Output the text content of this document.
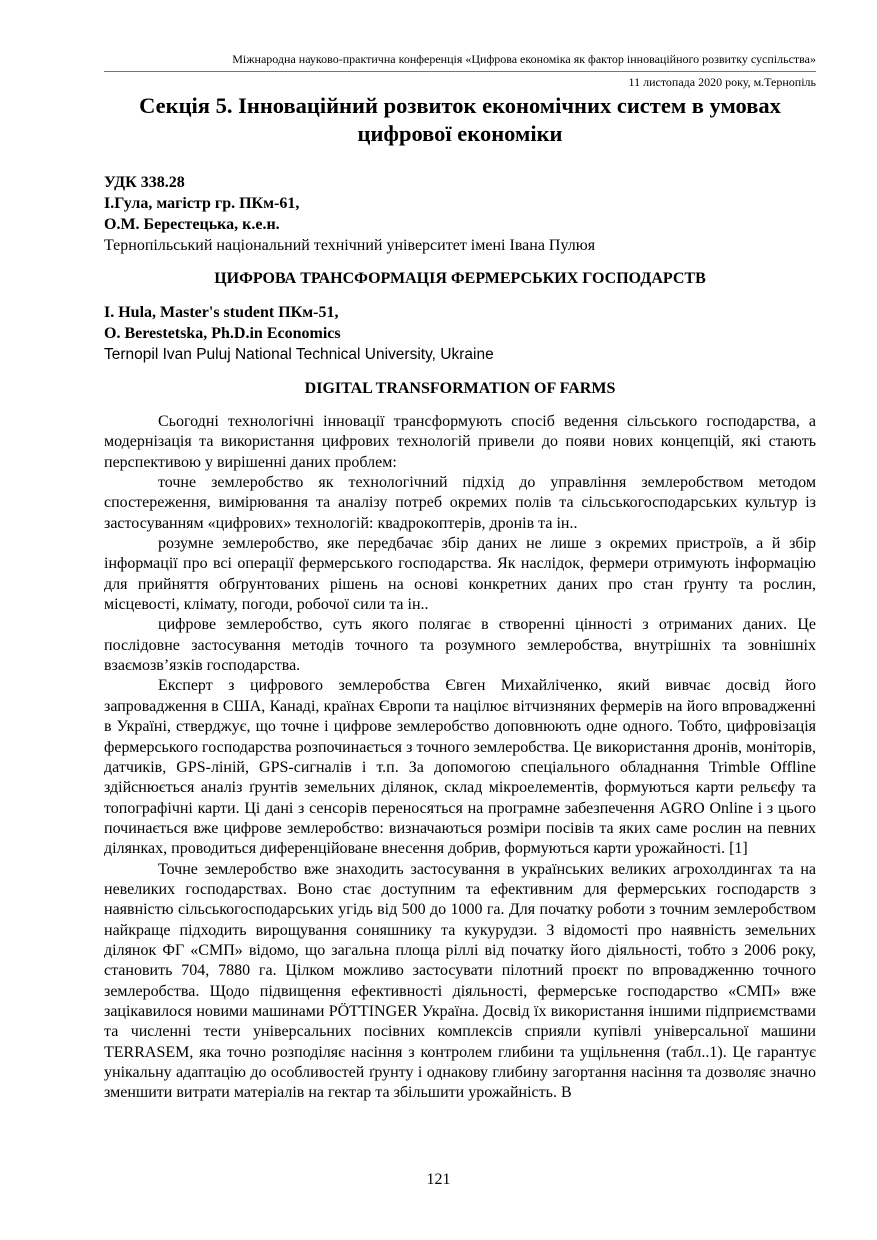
Міжнародна науково-практична конференція «Цифрова економіка як фактор інноваційного розвитку суспільства»
11 листопада 2020 року, м.Тернопіль
Секція 5. Інноваційний розвиток економічних систем в умовах цифрової економіки
УДК 338.28
І.Гула, магістр гр. ПКм-61,
О.М. Берестецька, к.е.н.
Тернопільський національний технічний університет імені Івана Пулюя
ЦИФРОВА ТРАНСФОРМАЦІЯ ФЕРМЕРСЬКИХ ГОСПОДАРСТВ
I. Hula, Master's student ПКм-51,
O. Berestetska, Ph.D.in Economics
Ternopil Ivan Puluj National Technical University, Ukraine
DIGITAL TRANSFORMATION OF FARMS

Сьогодні технологічні інновації трансформують спосіб ведення сільського господарства, а модернізація та використання цифрових технологій привели до появи нових концепцій, які стають перспективою у вирішенні даних проблем:

точне землеробство як технологічний підхід до управління землеробством методом спостереження, вимірювання та аналізу потреб окремих полів та сільськогосподарських культур із застосуванням «цифрових» технологій: квадрокоптерів, дронів та ін..

розумне землеробство, яке передбачає збір даних не лише з окремих пристроїв, а й збір інформації про всі операції фермерського господарства. Як наслідок, фермери отримують інформацію для прийняття обґрунтованих рішень на основі конкретних даних про стан ґрунту та рослин, місцевості, клімату, погоди, робочої сили та ін..

цифрове землеробство, суть якого полягає в створенні цінності з отриманих даних. Це послідовне застосування методів точного та розумного землеробства, внутрішніх та зовнішніх взаємозв’язків господарства.

Експерт з цифрового землеробства Євген Михайліченко, який вивчає досвід його запровадження в США, Канаді, країнах Європи та націлює вітчизняних фермерів на його впровадженні в Україні, стверджує, що точне і цифрове землеробство доповнюють одне одного. Тобто, цифровізація фермерського господарства розпочинається з точного землеробства. Це використання дронів, моніторів, датчиків, GPS-ліній, GPS-сигналів і т.п. За допомогою спеціального обладнання Trimble Offline здійснюється аналіз ґрунтів земельних ділянок, склад мікроелементів, формуються карти рельєфу та топографічні карти. Ці дані з сенсорів переносяться на програмне забезпечення AGRO Online і з цього починається вже цифрове землеробство: визначаються розміри посівів та яких саме рослин на певних ділянках, проводиться диференційоване внесення добрив, формуються карти урожайності. [1]

Точне землеробство вже знаходить застосування в українських великих агрохолдингах та на невеликих господарствах. Воно стає доступним та ефективним для фермерських господарств з наявністю сільськогосподарських угідь від 500 до 1000 га. Для початку роботи з точним землеробством найкраще підходить вирощування соняшнику та кукурудзи. З відомості про наявність земельних ділянок ФГ «СМП» відомо, що загальна площа ріллі від початку його діяльності, тобто з 2006 року, становить 704, 7880 га. Цілком можливо застосувати пілотний проєкт по впровадженню точного землеробства. Щодо підвищення ефективності діяльності, фермерське господарство «СМП» вже зацікавилося новими машинами PÖTTINGER Україна. Досвід їх використання іншими підприємствами та численні тести універсальних посівних комплексів сприяли купівлі універсальної машини TERRASEM, яка точно розподіляє насіння з контролем глибини та ущільнення (табл..1). Це гарантує унікальну адаптацію до особливостей ґрунту і однакову глибину загортання насіння та дозволяє значно зменшити витрати матеріалів на гектар та збільшити урожайність. В

121
